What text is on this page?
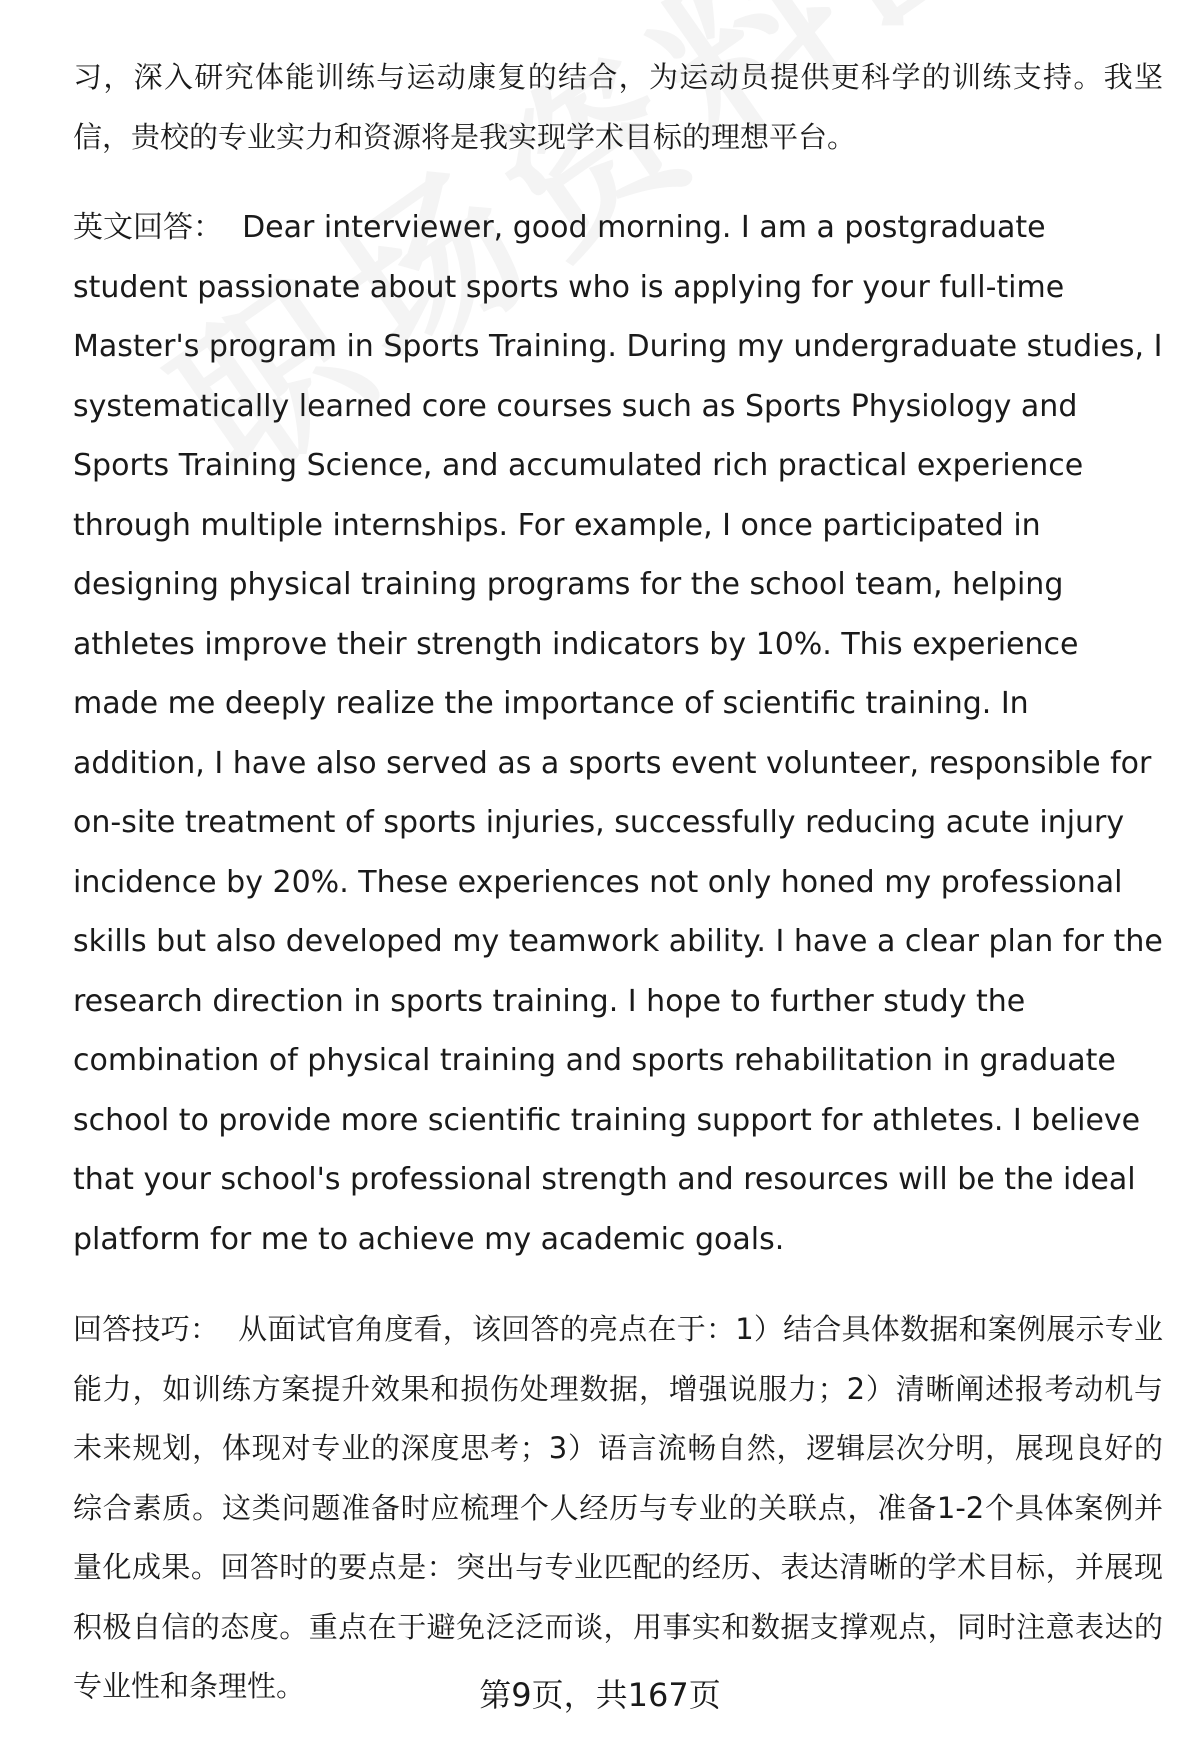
习，深入研究体能训练与运动康复的结合，为运动员提供更科学的训练支持。我坚信，贵校的专业实力和资源将是我实现学术目标的理想平台。

英文回答： Dear interviewer, good morning. I am a postgraduate student passionate about sports who is applying for your full-time Master's program in Sports Training. During my undergraduate studies, I systematically learned core courses such as Sports Physiology and Sports Training Science, and accumulated rich practical experience through multiple internships. For example, I once participated in designing physical training programs for the school team, helping athletes improve their strength indicators by 10%. This experience made me deeply realize the importance of scientific training. In addition, I have also served as a sports event volunteer, responsible for on-site treatment of sports injuries, successfully reducing acute injury incidence by 20%. These experiences not only honed my professional skills but also developed my teamwork ability. I have a clear plan for the research direction in sports training. I hope to further study the combination of physical training and sports rehabilitation in graduate school to provide more scientific training support for athletes. I believe that your school's professional strength and resources will be the ideal platform for me to achieve my academic goals.

回答技巧： 从面试官角度看，该回答的亮点在于：1）结合具体数据和案例展示专业能力，如训练方案提升效果和损伤处理数据，增强说服力；2）清晰阐述报考动机与未来规划，体现对专业的深度思考；3）语言流畅自然，逻辑层次分明，展现良好的综合素质。这类问题准备时应梳理个人经历与专业的关联点，准备1-2个具体案例并量化成果。回答时的要点是：突出与专业匹配的经历、表达清晰的学术目标，并展现积极自信的态度。重点在于避免泛泛而谈，用事实和数据支撑观点，同时注意表达的专业性和条理性。	第9页，共167页
